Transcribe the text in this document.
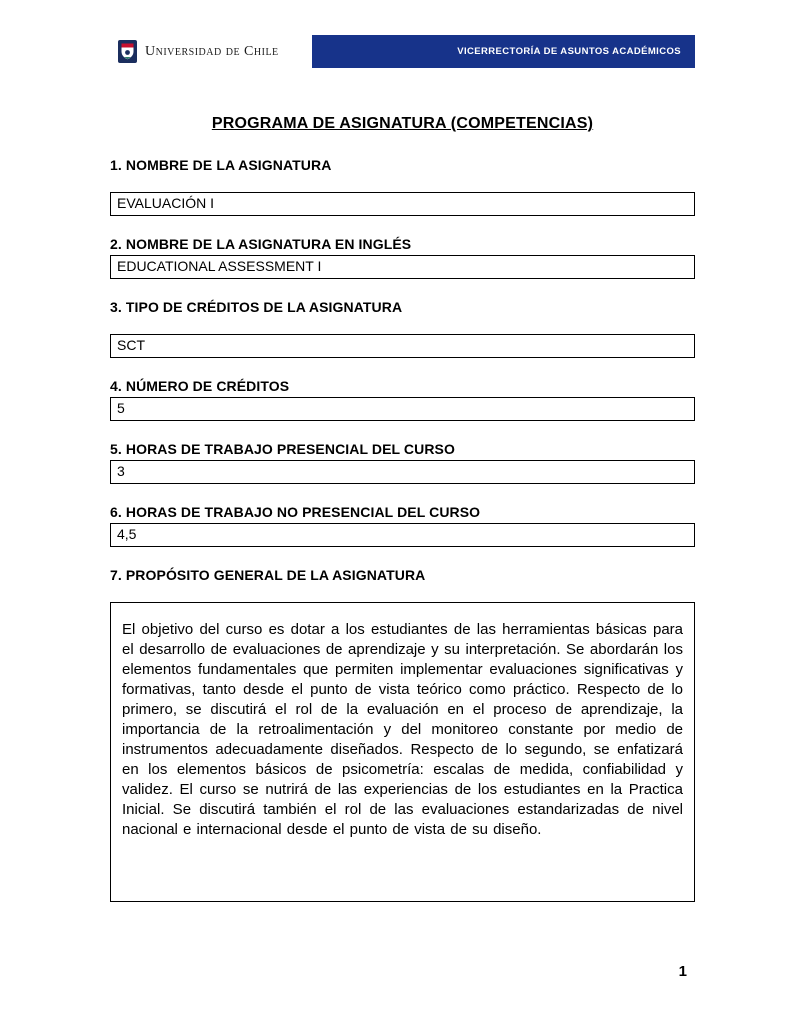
Universidad de Chile	VICERRECTORÍA DE ASUNTOS ACADÉMICOS
PROGRAMA DE ASIGNATURA (COMPETENCIAS)
1. NOMBRE DE LA ASIGNATURA
EVALUACIÓN I
2. NOMBRE DE LA ASIGNATURA EN INGLÉS
EDUCATIONAL ASSESSMENT I
3. TIPO DE CRÉDITOS DE LA ASIGNATURA
SCT
4. NÚMERO DE CRÉDITOS
5
5. HORAS DE TRABAJO PRESENCIAL DEL CURSO
3
6. HORAS DE TRABAJO NO PRESENCIAL DEL CURSO
4,5
7. PROPÓSITO GENERAL DE LA ASIGNATURA
El objetivo del curso es dotar a los estudiantes de las herramientas básicas para el desarrollo de evaluaciones de aprendizaje y su interpretación. Se abordarán los elementos fundamentales que permiten implementar evaluaciones significativas y formativas, tanto desde el punto de vista teórico como práctico. Respecto de lo primero, se discutirá el rol de la evaluación en el proceso de aprendizaje, la importancia de la retroalimentación y del monitoreo constante por medio de instrumentos adecuadamente diseñados. Respecto de lo segundo, se enfatizará en los elementos básicos de psicometría: escalas de medida, confiabilidad y validez. El curso se nutrirá de las experiencias de los estudiantes en la Practica Inicial. Se discutirá también el rol de las evaluaciones estandarizadas de nivel nacional e internacional desde el punto de vista de su diseño.
1
